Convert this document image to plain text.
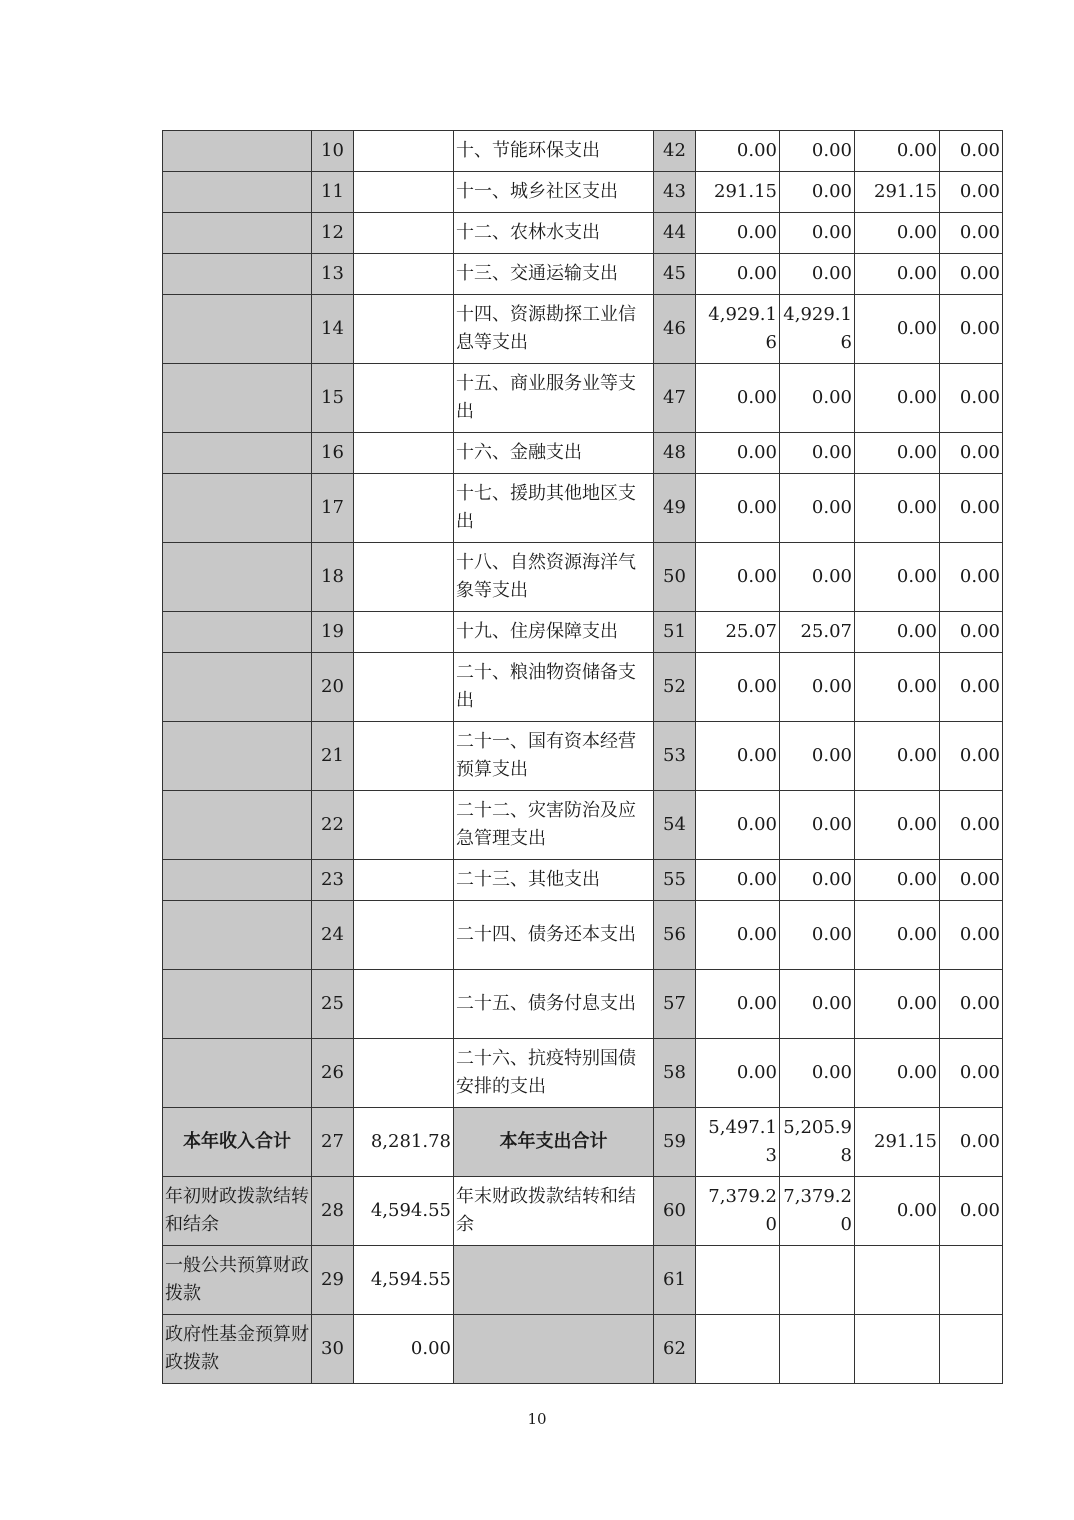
	10		十、节能环保支出	42	0.00	0.00	0.00	0.00
	11		十一、城乡社区支出	43	291.15	0.00	291.15	0.00
	12		十二、农林水支出	44	0.00	0.00	0.00	0.00
	13		十三、交通运输支出	45	0.00	0.00	0.00	0.00
	14		十四、资源勘探工业信息等支出	46	4,929.16	4,929.16	0.00	0.00
	15		十五、商业服务业等支出	47	0.00	0.00	0.00	0.00
	16		十六、金融支出	48	0.00	0.00	0.00	0.00
	17		十七、援助其他地区支出	49	0.00	0.00	0.00	0.00
	18		十八、自然资源海洋气象等支出	50	0.00	0.00	0.00	0.00
	19		十九、住房保障支出	51	25.07	25.07	0.00	0.00
	20		二十、粮油物资储备支出	52	0.00	0.00	0.00	0.00
	21		二十一、国有资本经营预算支出	53	0.00	0.00	0.00	0.00
	22		二十二、灾害防治及应急管理支出	54	0.00	0.00	0.00	0.00
	23		二十三、其他支出	55	0.00	0.00	0.00	0.00
	24		二十四、债务还本支出	56	0.00	0.00	0.00	0.00
	25		二十五、债务付息支出	57	0.00	0.00	0.00	0.00
	26		二十六、抗疫特别国债安排的支出	58	0.00	0.00	0.00	0.00
本年收入合计	27	8,281.78	本年支出合计	59	5,497.13	5,205.98	291.15	0.00
年初财政拨款结转和结余	28	4,594.55	年末财政拨款结转和结余	60	7,379.20	7,379.20	0.00	0.00
一般公共预算财政拨款	29	4,594.55		61				
政府性基金预算财政拨款	30	0.00		62				
10
